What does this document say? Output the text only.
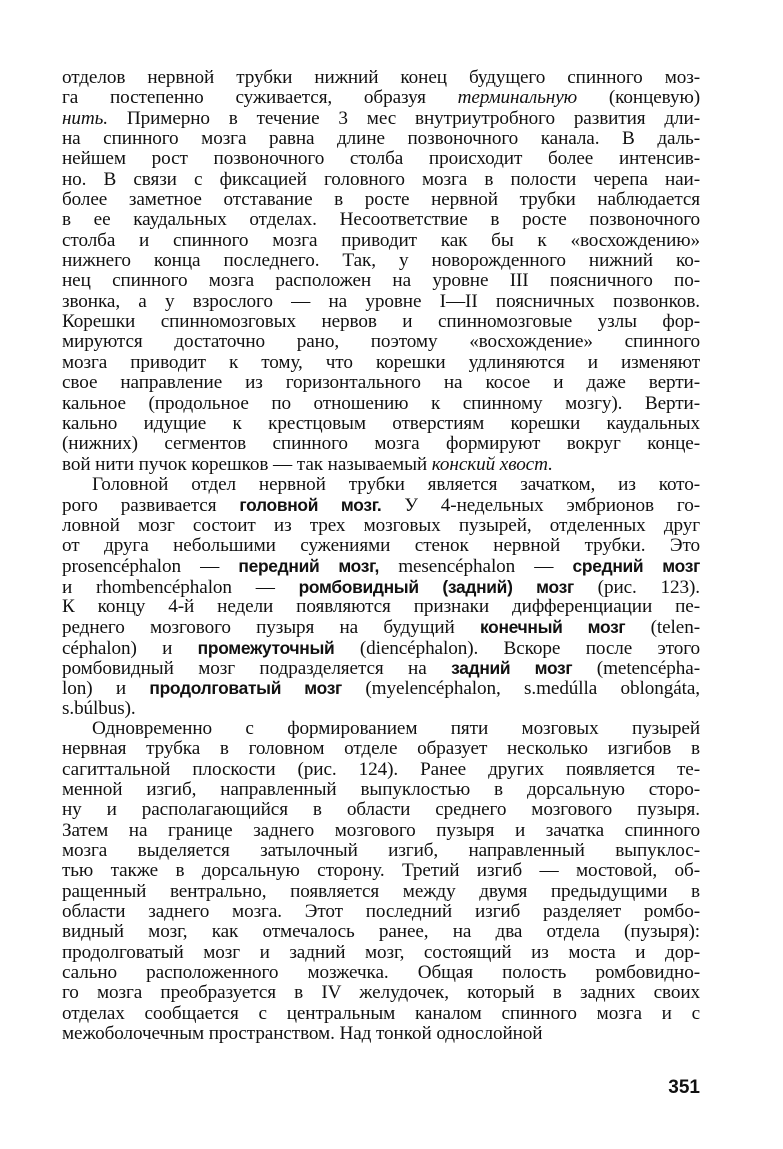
отделов нервной трубки нижний конец будущего спинного моз-
га постепенно суживается, образуя терминальную (концевую)
нить. Примерно в течение 3 мес внутриутробного развития дли-
на спинного мозга равна длине позвоночного канала. В даль-
нейшем рост позвоночного столба происходит более интенсив-
но. В связи с фиксацией головного мозга в полости черепа наи-
более заметное отставание в росте нервной трубки наблюдается
в ее каудальных отделах. Несоответствие в росте позвоночного
столба и спинного мозга приводит как бы к «восхождению»
нижнего конца последнего. Так, у новорожденного нижний ко-
нец спинного мозга расположен на уровне III поясничного по-
звонка, а у взрослого — на уровне I—II поясничных позвонков.
Корешки спинномозговых нервов и спинномозговые узлы фор-
мируются достаточно рано, поэтому «восхождение» спинного
мозга приводит к тому, что корешки удлиняются и изменяют
свое направление из горизонтального на косое и даже верти-
кальное (продольное по отношению к спинному мозгу). Верти-
кально идущие к крестцовым отверстиям корешки каудальных
(нижних) сегментов спинного мозга формируют вокруг конце-
вой нити пучок корешков — так называемый конский хвост.
Головной отдел нервной трубки является зачатком, из кото-
рого развивается головной мозг. У 4-недельных эмбрионов го-
ловной мозг состоит из трех мозговых пузырей, отделенных друг
от друга небольшими сужениями стенок нервной трубки. Это
prosencéphalon — передний мозг, mesencéphalon — средний мозг
и rhombencéphalon — ромбовидный (задний) мозг (рис. 123).
К концу 4-й недели появляются признаки дифференциации пе-
реднего мозгового пузыря на будущий конечный мозг (telen-
céphalon) и промежуточный (diencéphalon). Вскоре после этого
ромбовидный мозг подразделяется на задний мозг (metencépha-
lon) и продолговатый мозг (myelencéphalon, s.medúlla oblongáta,
s.búlbus).
Одновременно с формированием пяти мозговых пузырей
нервная трубка в головном отделе образует несколько изгибов в
сагиттальной плоскости (рис. 124). Ранее других появляется те-
менной изгиб, направленный выпуклостью в дорсальную сторо-
ну и располагающийся в области среднего мозгового пузыря.
Затем на границе заднего мозгового пузыря и зачатка спинного
мозга выделяется затылочный изгиб, направленный выпуклос-
тью также в дорсальную сторону. Третий изгиб — мостовой, об-
ращенный вентрально, появляется между двумя предыдущими в
области заднего мозга. Этот последний изгиб разделяет ромбо-
видный мозг, как отмечалось ранее, на два отдела (пузыря):
продолговатый мозг и задний мозг, состоящий из моста и дор-
сально расположенного мозжечка. Общая полость ромбовидно-
го мозга преобразуется в IV желудочек, который в задних своих
отделах сообщается с центральным каналом спинного мозга и с
межоболочечным пространством. Над тонкой однослойной
351
